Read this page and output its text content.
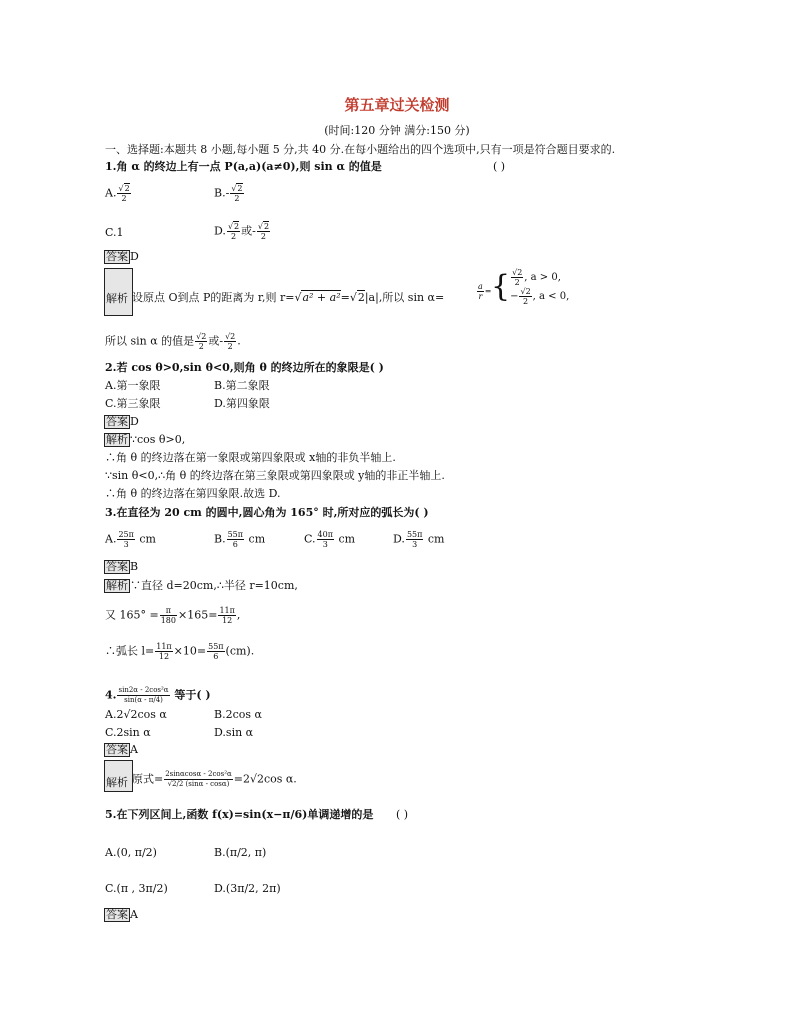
第五章过关检测
(时间:120 分钟 满分:150 分)
一、选择题:本题共 8 小题,每小题 5 分,共 40 分.在每小题给出的四个选项中,只有一项是符合题目要求的.
1.角 α 的终边上有一点 P(a,a)(a≠0),则 sin α 的值是	( )
A. $\frac{√2}{2}$	$B.- \frac{√2}{2}$
C.1	D. $\frac{√2}{2}$ 或- $\frac{√2}{2}$
答案 D
解析 设原点 O到点 P的距离为 r,则 r=√a² + a²=√2|a|,所以 sin α=	$\frac{a}{r}$ = { $\frac{√2}{2}$ , a > 0,
− $\frac{√2}{2}$ , a < 0,
所以 sin α 的值是 $\frac{√2}{2}$ 或- $\frac{√2}{2}$ .
2.若 cos θ>0,sin θ<0,则角 θ 的终边所在的象限是( )
A.第一象限	B.第二象限
C.第三象限	D.第四象限
答案 D
解析 ∵cos θ>0,
∴角 θ 的终边落在第一象限或第四象限或 x轴的非负半轴上.
∵sin θ<0,∴角 θ 的终边落在第三象限或第四象限或 y轴的非正半轴上.
∴角 θ 的终边落在第四象限.故选 D.
3.在直径为 20 cm 的圆中,圆心角为 165° 时,所对应的弧长为( )
A. $\frac{25\pi}{3}$ cm	B. $\frac{55\pi}{6}$ cm	C. $\frac{40\pi}{3}$ cm	D. $\frac{55\pi}{3}$ cm
答案 B
解析 ∵直径 d=20cm,∴半径 r=10cm,
又 $165^\circ = \frac{\pi}{180} \times 165= \frac{11\pi}{12}$ ,
∴弧长 $l= \frac{11\pi}{12} \times 10= \frac{55\pi}{6} (cm)$.
4. $\frac{\text{sin2α - 2cos²α}}{\sin(\alpha - \pi/4)}$ 等于( )
A.2√2cos α	B.2cos α
C.2sin α	D.sin α
答案 A
解析 原式= $\frac{\text{2sinαcosα - 2cos²α}}{√2/2 (\sin\alpha - \cos\alpha)} =2√2\cos$ α.
5.在下列区间上,函数 f(x)=sin(x−π/6)单调递增的是 ( )
A.(0, π/2)	B.(π/2, π)
C.(π , 3π/2)	D.(3π/2, 2π)
答案 A
